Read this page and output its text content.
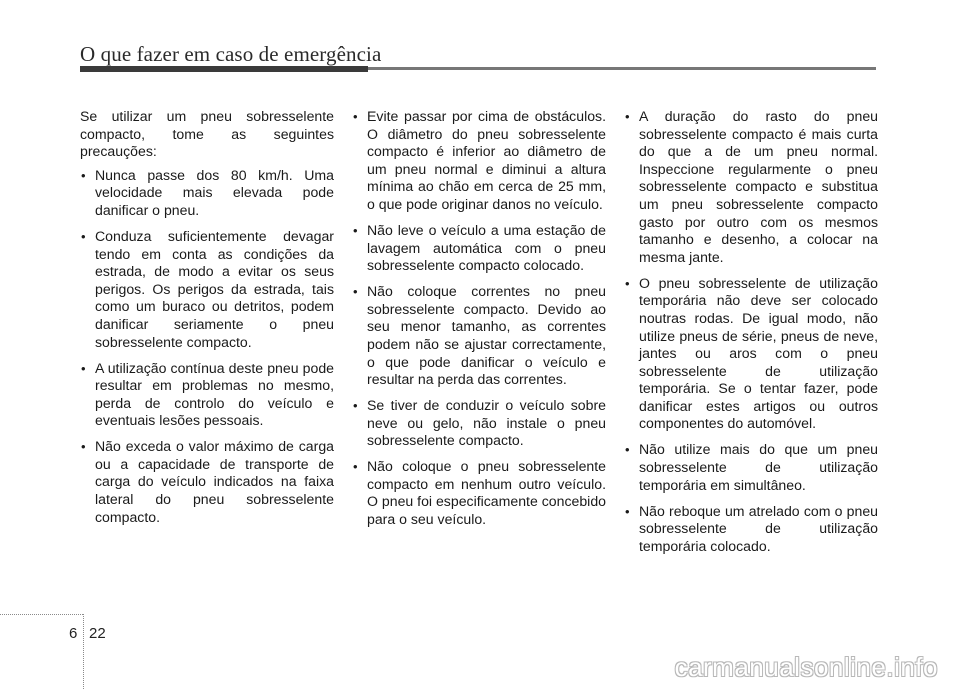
O que fazer em caso de emergência

Se utilizar um pneu sobresselente compacto, tome as seguintes precauções:

• Nunca passe dos 80 km/h. Uma velocidade mais elevada pode danificar o pneu.
• Conduza suficientemente devagar tendo em conta as condições da estrada, de modo a evitar os seus perigos. Os perigos da estrada, tais como um buraco ou detritos, podem danificar seriamente o pneu sobresselente compacto.
• A utilização contínua deste pneu pode resultar em problemas no mesmo, perda de controlo do veículo e eventuais lesões pessoais.
• Não exceda o valor máximo de carga ou a capacidade de transporte de carga do veículo indicados na faixa lateral do pneu sobresselente compacto.
• Evite passar por cima de obstáculos. O diâmetro do pneu sobresselente compacto é inferior ao diâmetro de um pneu normal e diminui a altura mínima ao chão em cerca de 25 mm, o que pode originar danos no veículo.
• Não leve o veículo a uma estação de lavagem automática com o pneu sobresselente compacto colocado.
• Não coloque correntes no pneu sobresselente compacto. Devido ao seu menor tamanho, as correntes podem não se ajustar correctamente, o que pode danificar o veículo e resultar na perda das correntes.
• Se tiver de conduzir o veículo sobre neve ou gelo, não instale o pneu sobresselente compacto.
• Não coloque o pneu sobresselente compacto em nenhum outro veículo. O pneu foi especificamente concebido para o seu veículo.
• A duração do rasto do pneu sobresselente compacto é mais curta do que a de um pneu normal. Inspeccione regularmente o pneu sobresselente compacto e substitua um pneu sobresselente compacto gasto por outro com os mesmos tamanho e desenho, a colocar na mesma jante.
• O pneu sobresselente de utilização temporária não deve ser colocado noutras rodas. De igual modo, não utilize pneus de série, pneus de neve, jantes ou aros com o pneu sobresselente de utilização temporária. Se o tentar fazer, pode danificar estes artigos ou outros componentes do automóvel.
• Não utilize mais do que um pneu sobresselente de utilização temporária em simultâneo.
• Não reboque um atrelado com o pneu sobresselente de utilização temporária colocado.
6 22
carmanualsonline.info
